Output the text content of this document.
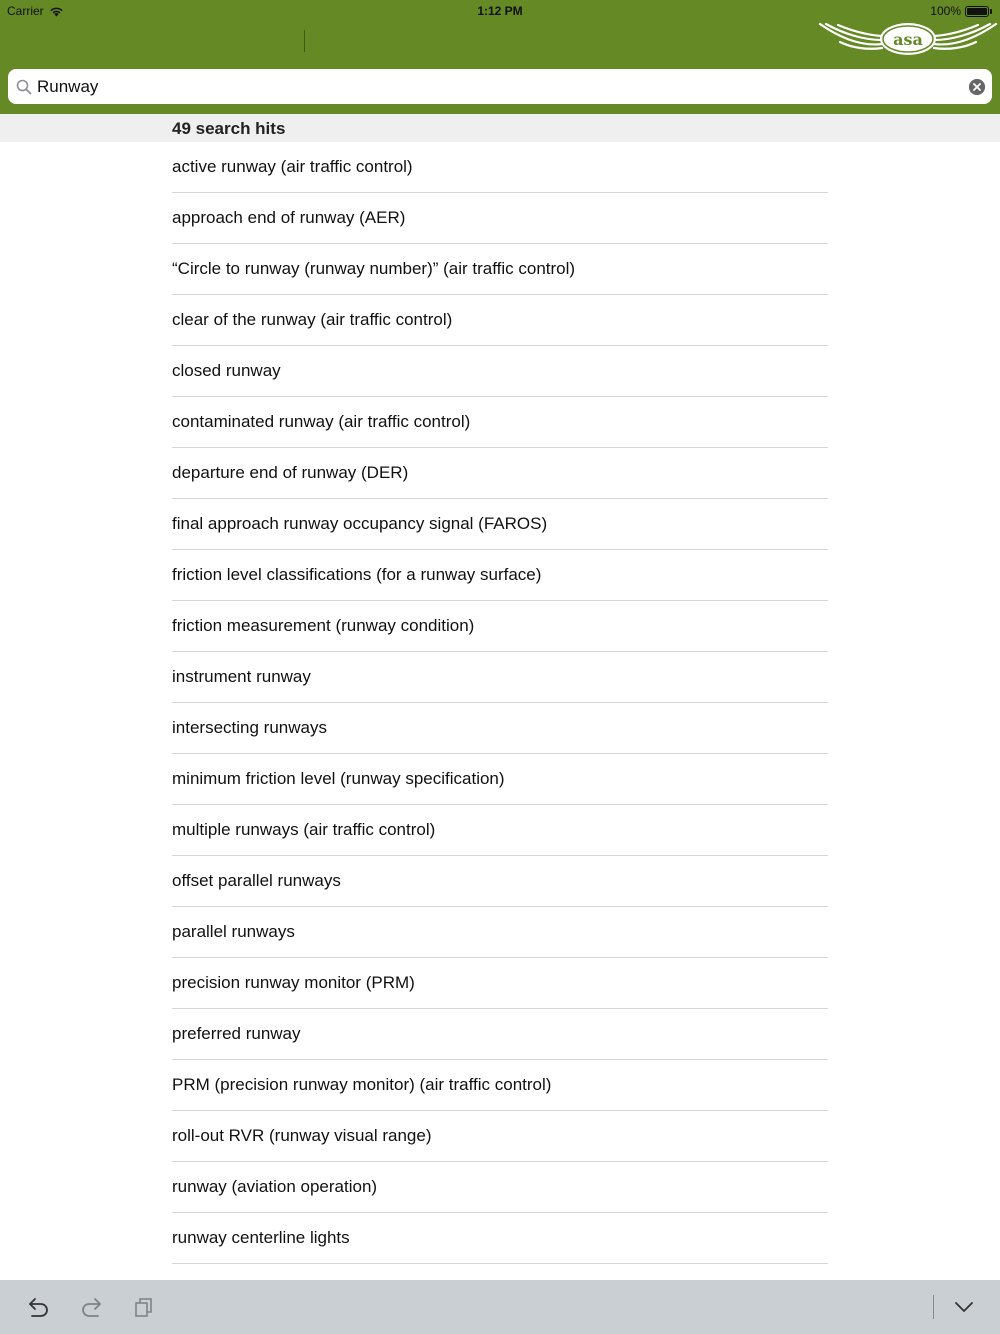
Carrier	1:12 PM	100%
asa
Runway
49 search hits
active runway (air traffic control)
approach end of runway (AER)
“Circle to runway (runway number)” (air traffic control)
clear of the runway (air traffic control)
closed runway
contaminated runway (air traffic control)
departure end of runway (DER)
final approach runway occupancy signal (FAROS)
friction level classifications (for a runway surface)
friction measurement (runway condition)
instrument runway
intersecting runways
minimum friction level (runway specification)
multiple runways (air traffic control)
offset parallel runways
parallel runways
precision runway monitor (PRM)
preferred runway
PRM (precision runway monitor) (air traffic control)
roll-out RVR (runway visual range)
runway (aviation operation)
runway centerline lights
